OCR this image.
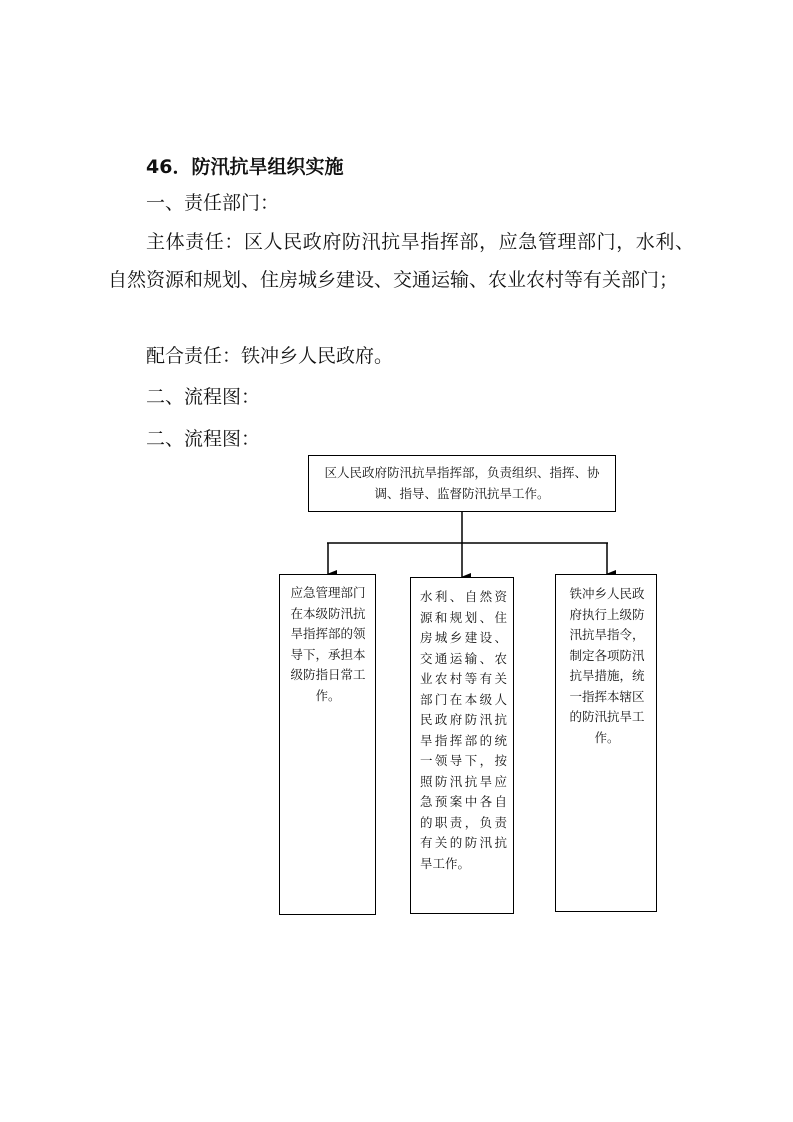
46．防汛抗旱组织实施

一、责任部门：

主体责任：区人民政府防汛抗旱指挥部，应急管理部门，水利、自然资源和规划、住房城乡建设、交通运输、农业农村等有关部门；

配合责任：铁冲乡人民政府。

二、流程图：

二、流程图：

区人民政府防汛抗旱指挥部，负责组织、指挥、协调、指导、监督防汛抗旱工作。

应急管理部门在本级防汛抗旱指挥部的领导下，承担本级防指日常工作。

水利、自然资源和规划、住房城乡建设、交通运输、农业农村等有关部门在本级人民政府防汛抗旱指挥部的统一领导下，按照防汛抗旱应急预案中各自的职责，负责有关的防汛抗旱工作。

铁冲乡人民政府执行上级防汛抗旱指令，制定各项防汛抗旱措施，统一指挥本辖区的防汛抗旱工作。
